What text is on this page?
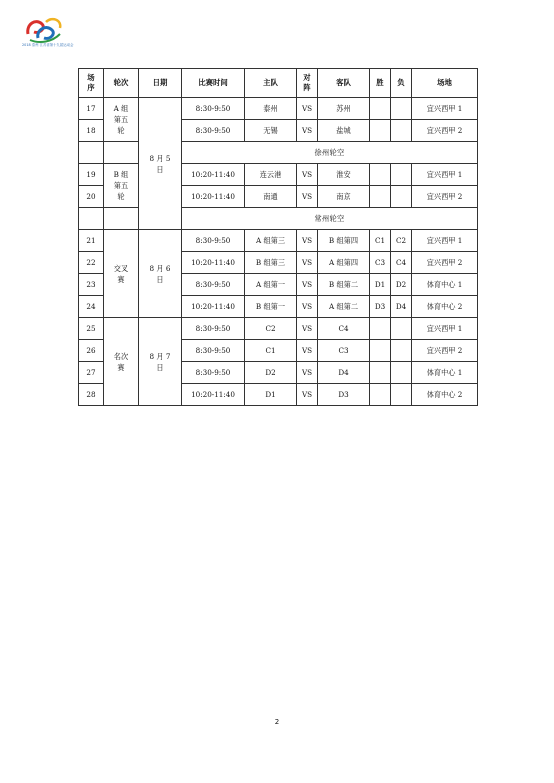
2018 泰州 江苏省第十九届运动会
场序	轮次	日期	比赛时间	主队	对阵	客队	胜	负	场地
17	A 组第五轮	8 月 5 日	8:30-9:50	泰州	VS	苏州			宜兴西甲 1
18			8:30-9:50	无锡	VS	盐城			宜兴西甲 2
			徐州轮空						
19	B 组第五轮		10:20-11:40	连云港	VS	淮安			宜兴西甲 1
20			10:20-11:40	南通	VS	南京			宜兴西甲 2
			常州轮空						
21	交叉赛	8 月 6 日	8:30-9:50	A 组第三	VS	B 组第四	C1	C2	宜兴西甲 1
22			10:20-11:40	B 组第三	VS	A 组第四	C3	C4	宜兴西甲 2
23			8:30-9:50	A 组第一	VS	B 组第二	D1	D2	体育中心 1
24			10:20-11:40	B 组第一	VS	A 组第二	D3	D4	体育中心 2
25	名次赛	8 月 7 日	8:30-9:50	C2	VS	C4			宜兴西甲 1
26			8:30-9:50	C1	VS	C3			宜兴西甲 2
27			8:30-9:50	D2	VS	D4			体育中心 1
28			10:20-11:40	D1	VS	D3			体育中心 2
2
